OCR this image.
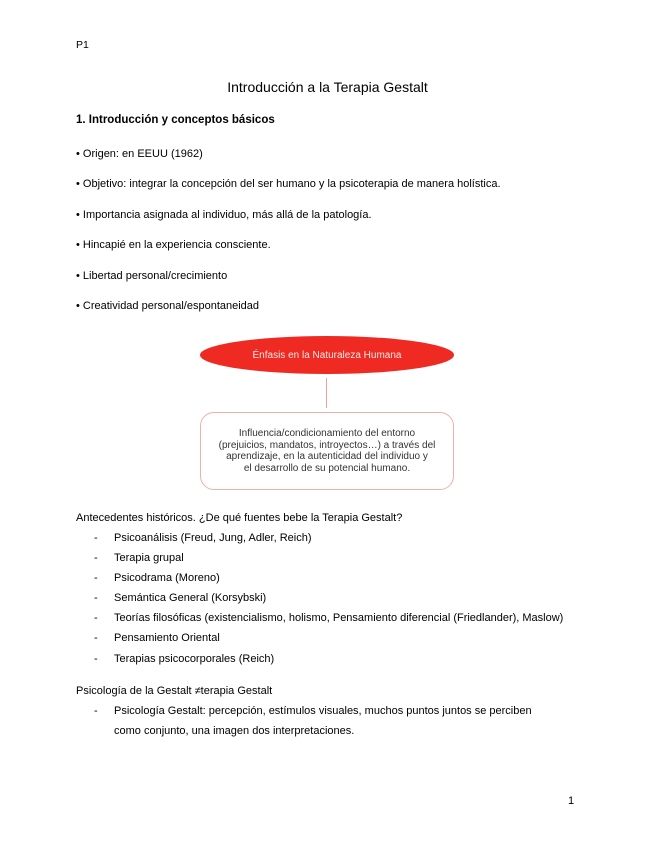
P1
Introducción a la Terapia Gestalt
1. Introducción y conceptos básicos
• Origen: en EEUU (1962)
• Objetivo: integrar la concepción del ser humano y la psicoterapia de manera holística.
• Importancia asignada al individuo, más allá de la patología.
• Hincapié en la experiencia consciente.
• Libertad personal/crecimiento
• Creatividad personal/espontaneidad
Énfasis en la Naturaleza Humana
Influencia/condicionamiento del entorno
(prejuicios, mandatos, introyectos…) a través del
aprendizaje, en la autenticidad del individuo y
el desarrollo de su potencial humano.
Antecedentes históricos. ¿De qué fuentes bebe la Terapia Gestalt?
- Psicoanálisis (Freud, Jung, Adler, Reich)
- Terapia grupal
- Psicodrama (Moreno)
- Semántica General (Korsybski)
- Teorías filosóficas (existencialismo, holismo, Pensamiento diferencial (Friedlander), Maslow)
- Pensamiento Oriental
- Terapias psicocorporales (Reich)
Psicología de la Gestalt ≠terapia Gestalt
- Psicología Gestalt: percepción, estímulos visuales, muchos puntos juntos se perciben
como conjunto, una imagen dos interpretaciones.
1
